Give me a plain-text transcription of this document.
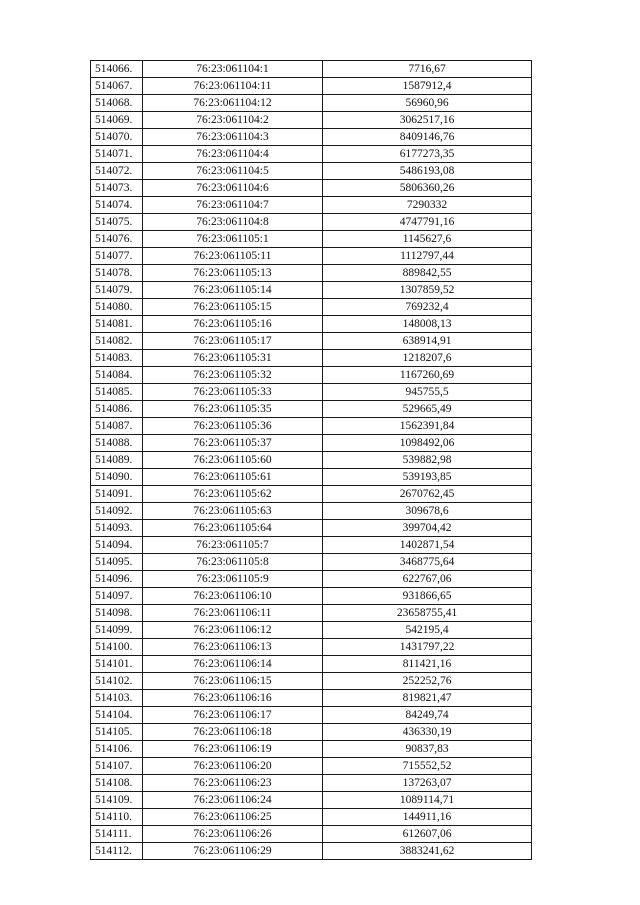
514066.	76:23:061104:1	7716,67
514067.	76:23:061104:11	1587912,4
514068.	76:23:061104:12	56960,96
514069.	76:23:061104:2	3062517,16
514070.	76:23:061104:3	8409146,76
514071.	76:23:061104:4	6177273,35
514072.	76:23:061104:5	5486193,08
514073.	76:23:061104:6	5806360,26
514074.	76:23:061104:7	7290332
514075.	76:23:061104:8	4747791,16
514076.	76:23:061105:1	1145627,6
514077.	76:23:061105:11	1112797,44
514078.	76:23:061105:13	889842,55
514079.	76:23:061105:14	1307859,52
514080.	76:23:061105:15	769232,4
514081.	76:23:061105:16	148008,13
514082.	76:23:061105:17	638914,91
514083.	76:23:061105:31	1218207,6
514084.	76:23:061105:32	1167260,69
514085.	76:23:061105:33	945755,5
514086.	76:23:061105:35	529665,49
514087.	76:23:061105:36	1562391,84
514088.	76:23:061105:37	1098492,06
514089.	76:23:061105:60	539882,98
514090.	76:23:061105:61	539193,85
514091.	76:23:061105:62	2670762,45
514092.	76:23:061105:63	309678,6
514093.	76:23:061105:64	399704,42
514094.	76:23:061105:7	1402871,54
514095.	76:23:061105:8	3468775,64
514096.	76:23:061105:9	622767,06
514097.	76:23:061106:10	931866,65
514098.	76:23:061106:11	23658755,41
514099.	76:23:061106:12	542195,4
514100.	76:23:061106:13	1431797,22
514101.	76:23:061106:14	811421,16
514102.	76:23:061106:15	252252,76
514103.	76:23:061106:16	819821,47
514104.	76:23:061106:17	84249,74
514105.	76:23:061106:18	436330,19
514106.	76:23:061106:19	90837,83
514107.	76:23:061106:20	715552,52
514108.	76:23:061106:23	137263,07
514109.	76:23:061106:24	1089114,71
514110.	76:23:061106:25	144911,16
514111.	76:23:061106:26	612607,06
514112.	76:23:061106:29	3883241,62
